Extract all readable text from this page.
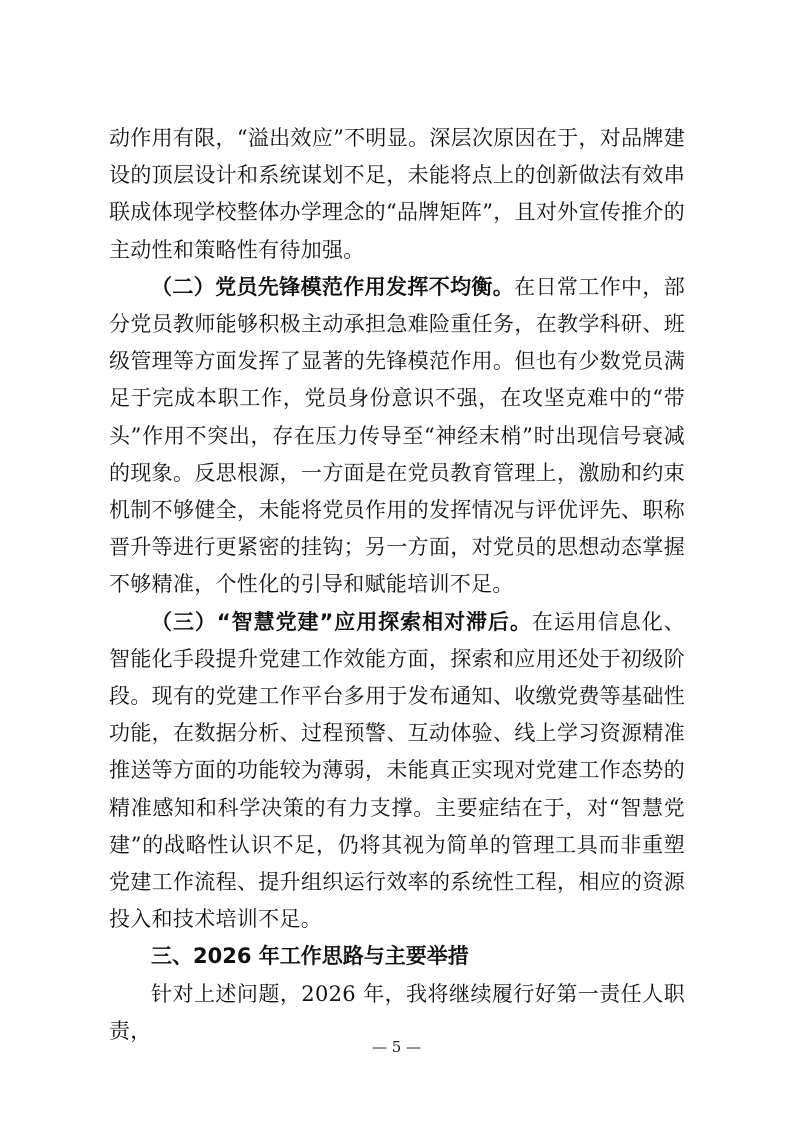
动作用有限，“溢出效应”不明显。深层次原因在于，对品牌建设的顶层设计和系统谋划不足，未能将点上的创新做法有效串联成体现学校整体办学理念的“品牌矩阵”，且对外宣传推介的主动性和策略性有待加强。

（二）党员先锋模范作用发挥不均衡。在日常工作中，部分党员教师能够积极主动承担急难险重任务，在教学科研、班级管理等方面发挥了显著的先锋模范作用。但也有少数党员满足于完成本职工作，党员身份意识不强，在攻坚克难中的“带头”作用不突出，存在压力传导至“神经末梢”时出现信号衰减的现象。反思根源，一方面是在党员教育管理上，激励和约束机制不够健全，未能将党员作用的发挥情况与评优评先、职称晋升等进行更紧密的挂钩；另一方面，对党员的思想动态掌握不够精准，个性化的引导和赋能培训不足。

（三）“智慧党建”应用探索相对滞后。在运用信息化、智能化手段提升党建工作效能方面，探索和应用还处于初级阶段。现有的党建工作平台多用于发布通知、收缴党费等基础性功能，在数据分析、过程预警、互动体验、线上学习资源精准推送等方面的功能较为薄弱，未能真正实现对党建工作态势的精准感知和科学决策的有力支撑。主要症结在于，对“智慧党建”的战略性认识不足，仍将其视为简单的管理工具而非重塑党建工作流程、提升组织运行效率的系统性工程，相应的资源投入和技术培训不足。

三、2026 年工作思路与主要举措

针对上述问题，2026 年，我将继续履行好第一责任人职责，

— 5 —
